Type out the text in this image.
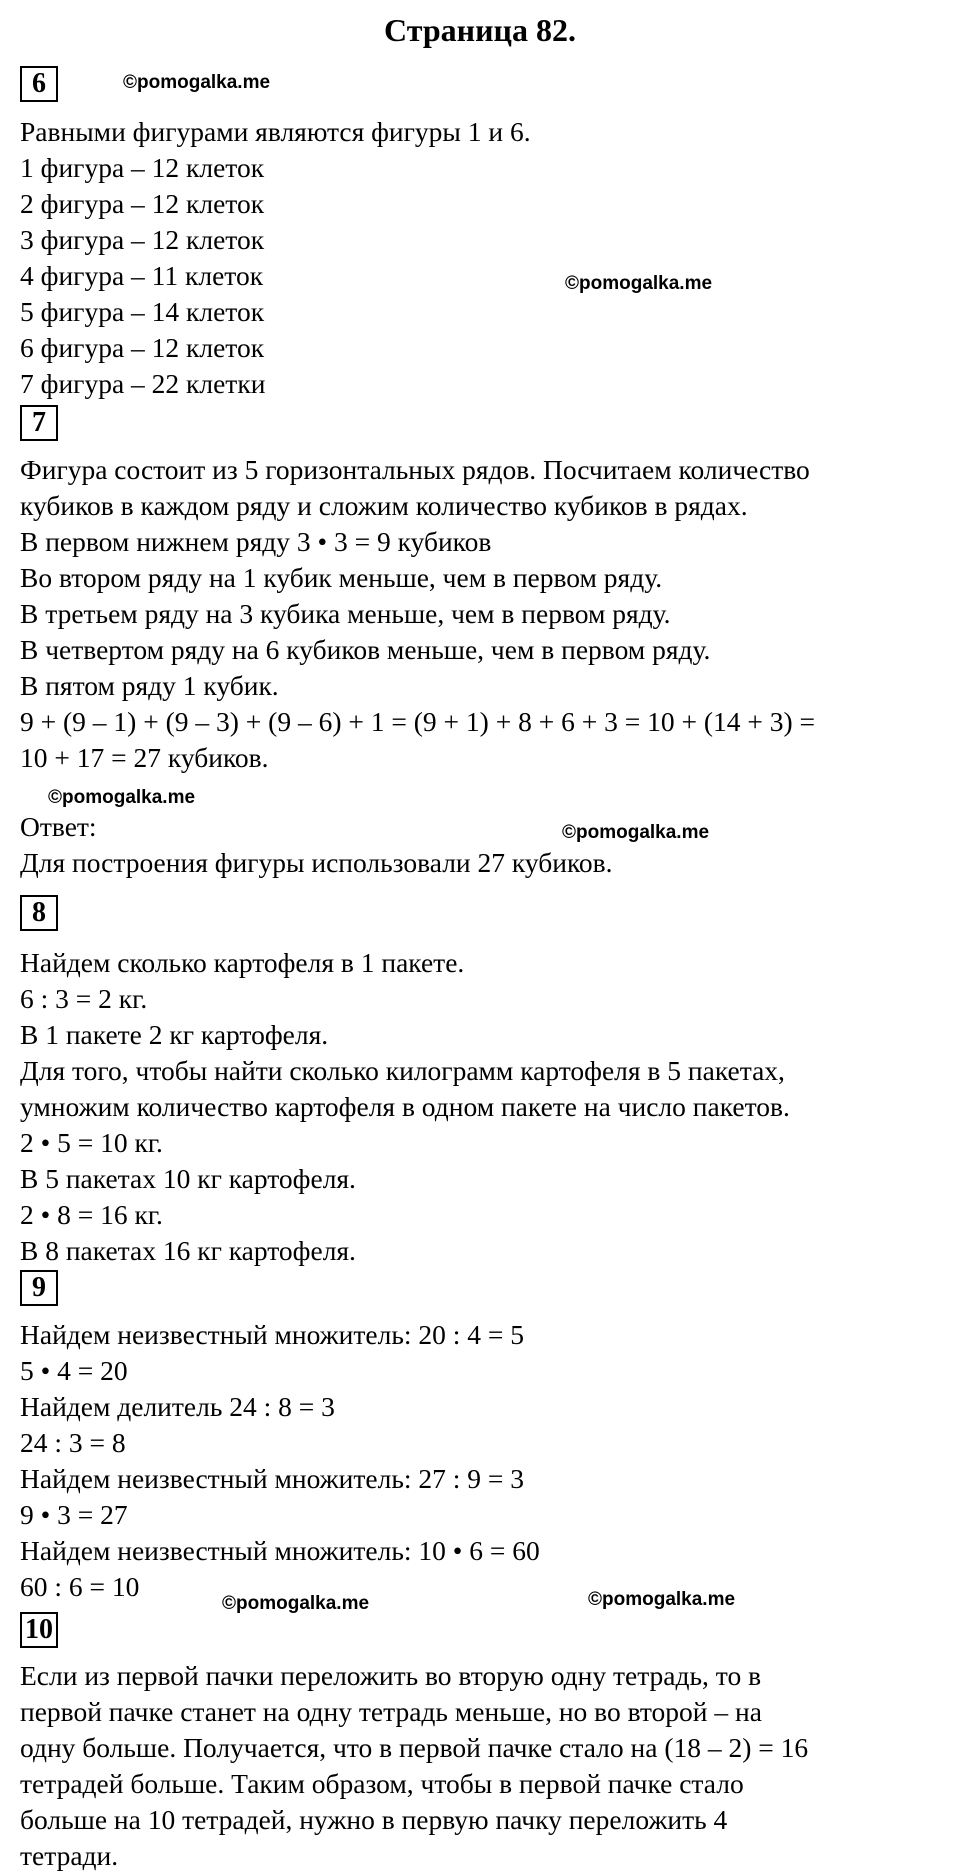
Страница 82.
6	©pomogalka.me
Равными фигурами являются фигуры 1 и 6.
1 фигура – 12 клеток
2 фигура – 12 клеток
3 фигура – 12 клеток
4 фигура – 11 клеток	©pomogalka.me
5 фигура – 14 клеток
6 фигура – 12 клеток
7 фигура – 22 клетки
7
Фигура состоит из 5 горизонтальных рядов. Посчитаем количество
кубиков в каждом ряду и сложим количество кубиков в рядах.
В первом нижнем ряду 3 • 3 = 9 кубиков
Во втором ряду на 1 кубик меньше, чем в первом ряду.
В третьем ряду на 3 кубика меньше, чем в первом ряду.
В четвертом ряду на 6 кубиков меньше, чем в первом ряду.
В пятом ряду 1 кубик.
9 + (9 – 1) + (9 – 3) + (9 – 6) + 1 = (9 + 1) + 8 + 6 + 3 = 10 + (14 + 3) =
10 + 17 = 27 кубиков.
©pomogalka.me
Ответ:	©pomogalka.me
Для построения фигуры использовали 27 кубиков.
8
Найдем сколько картофеля в 1 пакете.
6 : 3 = 2 кг.
В 1 пакете 2 кг картофеля.
Для того, чтобы найти сколько килограмм картофеля в 5 пакетах,
умножим количество картофеля в одном пакете на число пакетов.
2 • 5 = 10 кг.
В 5 пакетах 10 кг картофеля.
2 • 8 = 16 кг.
В 8 пакетах 16 кг картофеля.
9
Найдем неизвестный множитель: 20 : 4 = 5
5 • 4 = 20
Найдем делитель 24 : 8 = 3
24 : 3 = 8
Найдем неизвестный множитель: 27 : 9 = 3
9 • 3 = 27
Найдем неизвестный множитель: 10 • 6 = 60
©pomogalka.me
60 : 6 = 10
©pomogalka.me
10
Если из первой пачки переложить во вторую одну тетрадь, то в
первой пачке станет на одну тетрадь меньше, но во второй – на
одну больше. Получается, что в первой пачке стало на (18 – 2) = 16
тетрадей больше. Таким образом, чтобы в первой пачке стало
больше на 10 тетрадей, нужно в первую пачку переложить 4
тетради.
